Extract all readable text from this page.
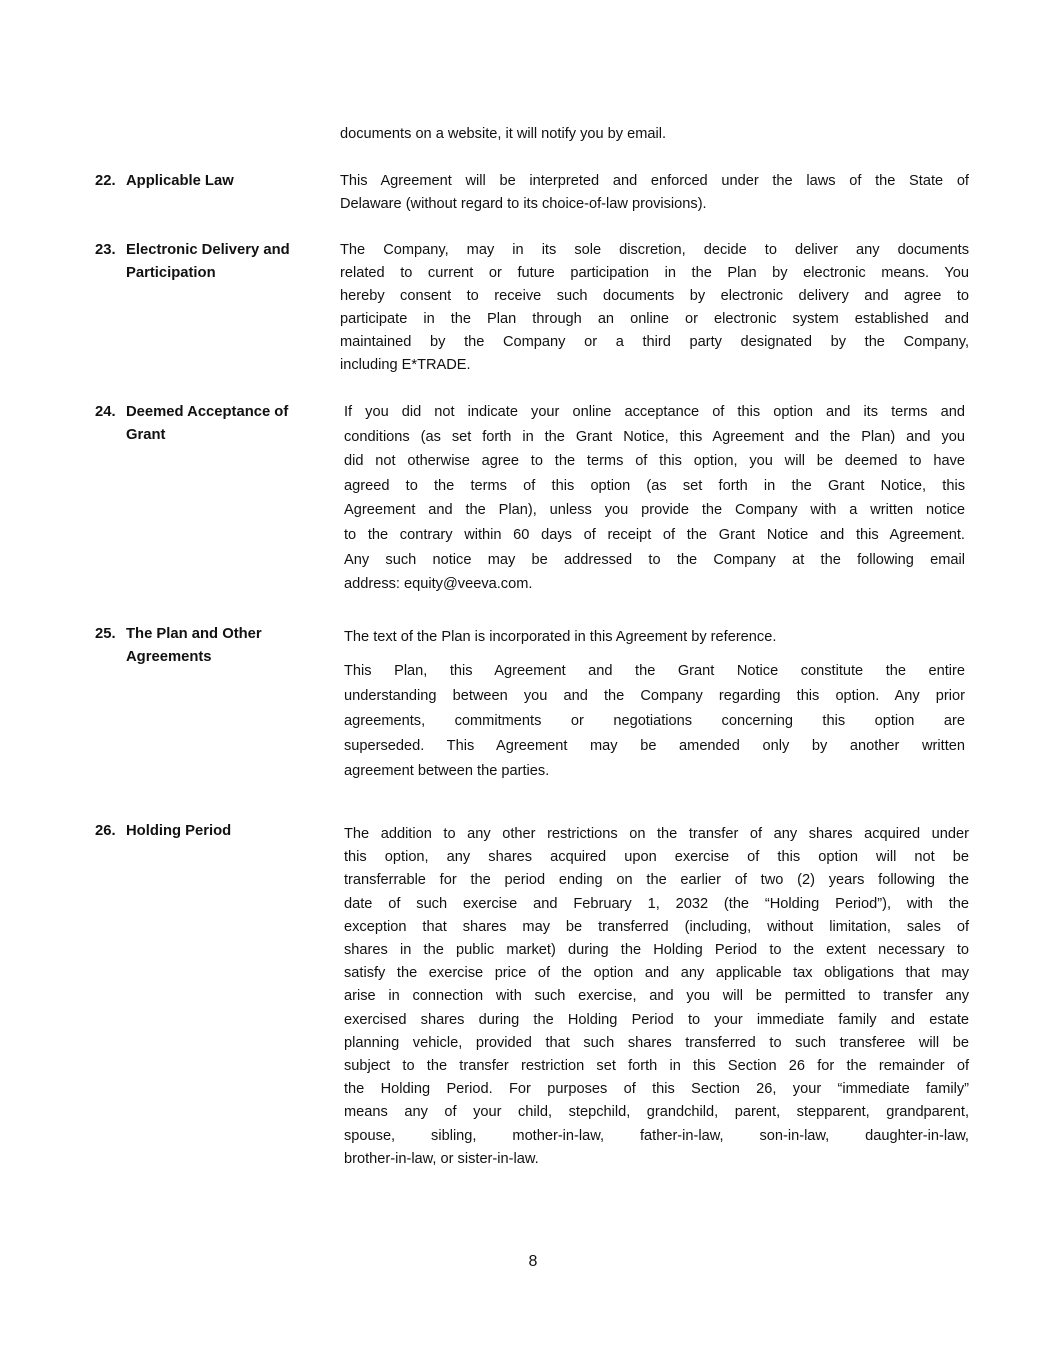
documents on a website, it will notify you by email.
22. Applicable Law	This Agreement will be interpreted and enforced under the laws of the State of
Delaware (without regard to its choice-of-law provisions).
23. Electronic Delivery and
Participation
The Company, may in its sole discretion, decide to deliver any documents
related to current or future participation in the Plan by electronic means. You
hereby consent to receive such documents by electronic delivery and agree to
participate in the Plan through an online or electronic system established and
maintained by the Company or a third party designated by the Company,
including E*TRADE.
24. Deemed Acceptance of
Grant
If you did not indicate your online acceptance of this option and its terms and
conditions (as set forth in the Grant Notice, this Agreement and the Plan) and you
did not otherwise agree to the terms of this option, you will be deemed to have
agreed to the terms of this option (as set forth in the Grant Notice, this
Agreement and the Plan), unless you provide the Company with a written notice
to the contrary within 60 days of receipt of the Grant Notice and this Agreement.
Any such notice may be addressed to the Company at the following email
address: equity@veeva.com.
25. The Plan and Other
Agreements
The text of the Plan is incorporated in this Agreement by reference.
This Plan, this Agreement and the Grant Notice constitute the entire
understanding between you and the Company regarding this option. Any prior
agreements, commitments or negotiations concerning this option are
superseded. This Agreement may be amended only by another written
agreement between the parties.
26. Holding Period	The addition to any other restrictions on the transfer of any shares acquired under
this option, any shares acquired upon exercise of this option will not be
transferrable for the period ending on the earlier of two (2) years following the
date of such exercise and February 1, 2032 (the “Holding Period”), with the
exception that shares may be transferred (including, without limitation, sales of
shares in the public market) during the Holding Period to the extent necessary to
satisfy the exercise price of the option and any applicable tax obligations that may
arise in connection with such exercise, and you will be permitted to transfer any
exercised shares during the Holding Period to your immediate family and estate
planning vehicle, provided that such shares transferred to such transferee will be
subject to the transfer restriction set forth in this Section 26 for the remainder of
the Holding Period. For purposes of this Section 26, your “immediate family”
means any of your child, stepchild, grandchild, parent, stepparent, grandparent,
spouse, sibling, mother-in-law, father-in-law, son-in-law, daughter-in-law,
brother-in-law, or sister-in-law.
8
